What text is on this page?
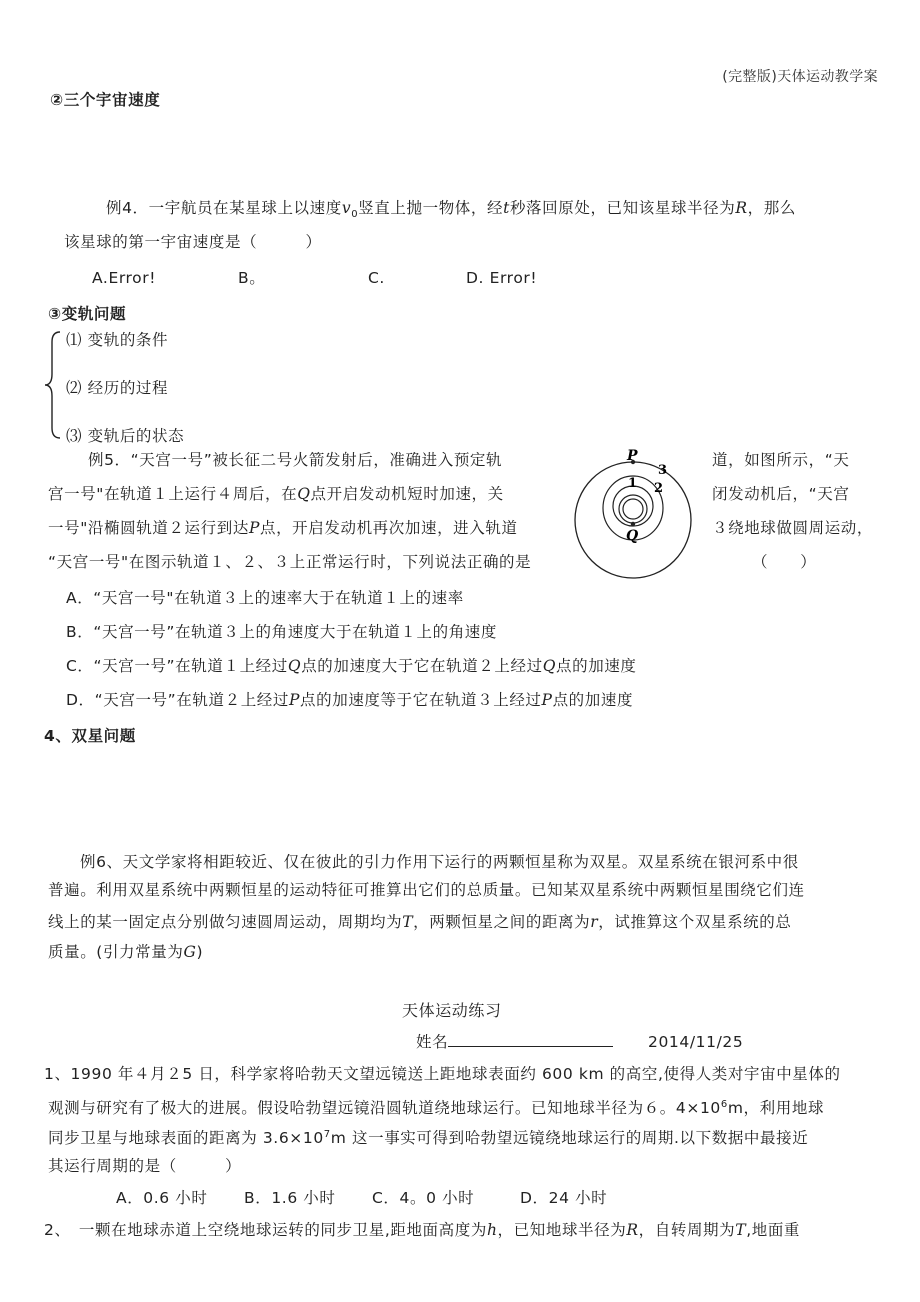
(完整版)天体运动教学案
②三个宇宙速度
例4．一宇航员在某星球上以速度$v_0$竖直上抛一物体，经t秒落回原处，已知该星球半径为R，那么
该星球的第一宇宙速度是（　　　）
A.Error!	B。	C.	D. Error!
③变轨问题
⑴ 变轨的条件
⑵ 经历的过程
⑶ 变轨后的状态
例5．“天宫一号”被长征二号火箭发射后，准确进入预定轨	道，如图所示，“天
宫一号"在轨道１上运行４周后，在Q点开启发动机短时加速，关	闭发动机后，“天宫
一号"沿椭圆轨道２运行到达P点，开启发动机再次加速，进入轨道	３绕地球做圆周运动，
“天宫一号"在图示轨道１、２、３上正常运行时，下列说法正确的是	（　　）
P
Q
1 2
3
A．“天宫一号"在轨道３上的速率大于在轨道１上的速率
B．“天宫一号”在轨道３上的角速度大于在轨道１上的角速度
C．“天宫一号”在轨道１上经过Q点的加速度大于它在轨道２上经过Q点的加速度
D．“天宫一号”在轨道２上经过P点的加速度等于它在轨道３上经过P点的加速度
4、双星问题
例6、天文学家将相距较近、仅在彼此的引力作用下运行的两颗恒星称为双星。双星系统在银河系中很
普遍。利用双星系统中两颗恒星的运动特征可推算出它们的总质量。已知某双星系统中两颗恒星围绕它们连
线上的某一固定点分别做匀速圆周运动，周期均为T，两颗恒星之间的距离为r，试推算这个双星系统的总
质量。(引力常量为G)
天体运动练习
姓名	2014/11/25
1、1990 年４月２5 日，科学家将哈勃天文望远镜送上距地球表面约 600 km 的高空,使得人类对宇宙中星体的
观测与研究有了极大的进展。假设哈勃望远镜沿圆轨道绕地球运行。已知地球半径为６。$4\times 10^6m$，利用地球
同步卫星与地球表面的距离为 $3.6\times 10^7m$ 这一事实可得到哈勃望远镜绕地球运行的周期.以下数据中最接近
其运行周期的是（　　　）
A．0.6 小时 B．1.6 小时 C．4。0 小时	D．24 小时
2、　一颗在地球赤道上空绕地球运转的同步卫星,距地面高度为h，已知地球半径为R，自转周期为T,地面重
